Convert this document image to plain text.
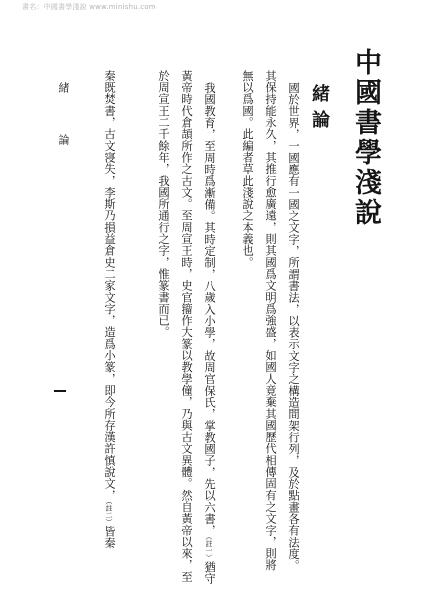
書名：中國書學淺說 www.minishu.com
中國書學淺說
緒論
國於世界，一國應有一國之文字，所謂書法，以表示文字之構造間架行列，及於點畫各有法度。
其保持能永久，其推行愈廣遠，則其國爲文明爲強盛，如國人竟棄其國歷代相傳固有之文字，則將
無以爲國。此編者草此淺說之本義也。
我國教育，至周時爲漸備。其時定制，八歲入小學，故周官保氏，掌教國子，先以六書，（註一）猶守
黃帝時代倉頡所作之古文。至周宣王時，史官籀作大篆以教學僮，乃與古文異體。然自黃帝以來，至
於周宣王二千餘年，我國所通行之字，惟篆書而已。
秦既焚書，古文寖失，李斯乃損益倉史二家文字，造爲小篆，即今所存漢許慎說文，（註二）皆秦
緒 論
